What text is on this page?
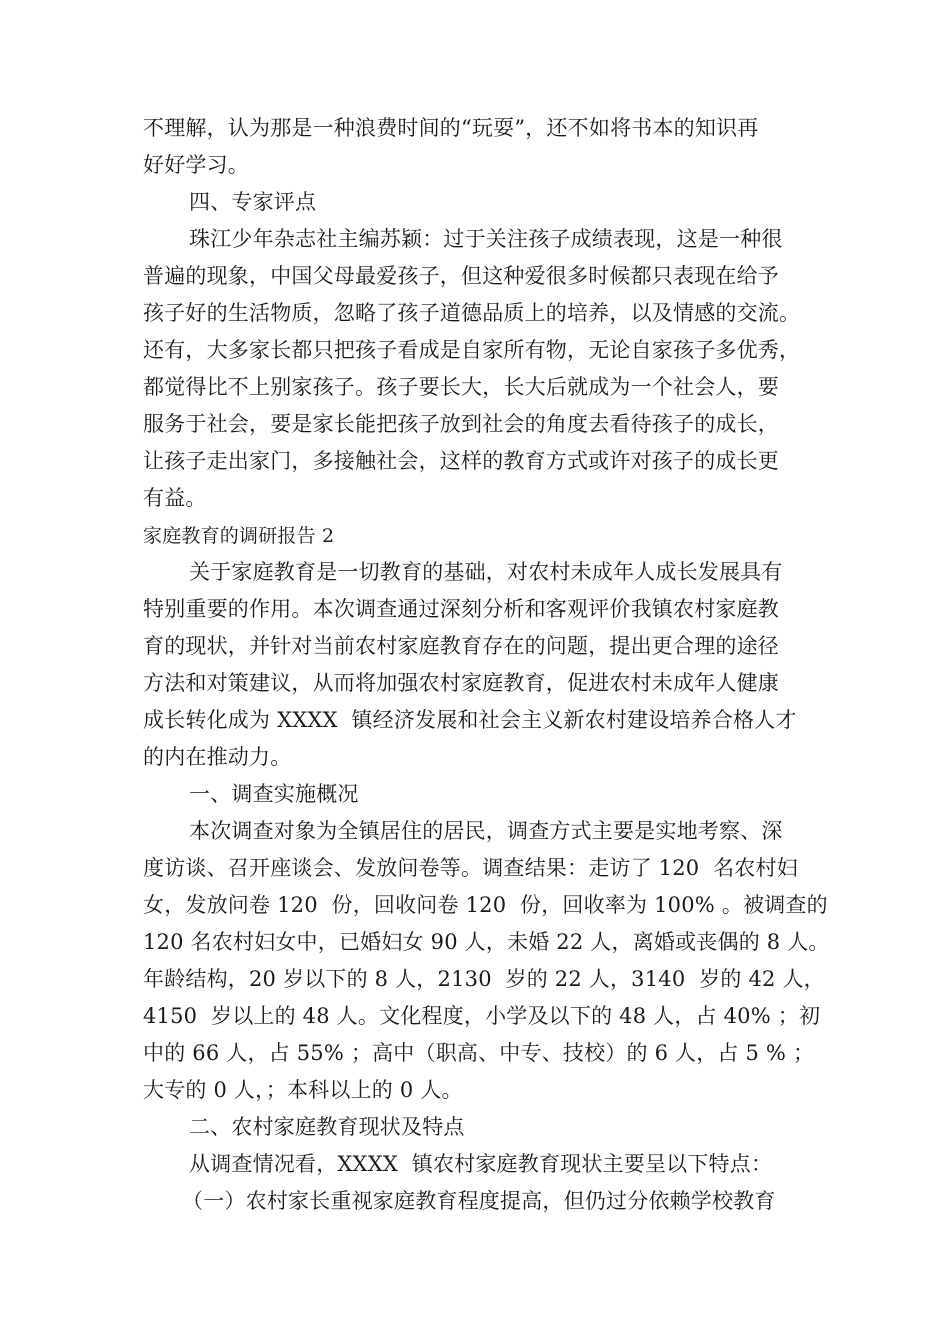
不理解，认为那是一种浪费时间的“玩耍”，还不如将书本的知识再
好好学习。
四、专家评点
珠江少年杂志社主编苏颖：过于关注孩子成绩表现，这是一种很
普遍的现象，中国父母最爱孩子，但这种爱很多时候都只表现在给予
孩子好的生活物质，忽略了孩子道德品质上的培养，以及情感的交流。
还有，大多家长都只把孩子看成是自家所有物，无论自家孩子多优秀，
都觉得比不上别家孩子。孩子要长大，长大后就成为一个社会人，要
服务于社会，要是家长能把孩子放到社会的角度去看待孩子的成长，
让孩子走出家门，多接触社会，这样的教育方式或许对孩子的成长更
有益。
家庭教育的调研报告 2
关于家庭教育是一切教育的基础，对农村未成年人成长发展具有
特别重要的作用。本次调查通过深刻分析和客观评价我镇农村家庭教
育的现状，并针对当前农村家庭教育存在的问题，提出更合理的途径
方法和对策建议，从而将加强农村家庭教育，促进农村未成年人健康
成长转化成为 XXXX  镇经济发展和社会主义新农村建设培养合格人才
的内在推动力。
一、调查实施概况
本次调查对象为全镇居住的居民，调查方式主要是实地考察、深
度访谈、召开座谈会、发放问卷等。调查结果：走访了 120  名农村妇
女，发放问卷 120  份，回收问卷 120  份，回收率为 100% 。被调查的
120 名农村妇女中，已婚妇女 90 人，未婚 22 人，离婚或丧偶的 8 人。
年龄结构，20 岁以下的 8 人，2130  岁的 22 人，3140  岁的 42 人，
4150  岁以上的 48 人。文化程度，小学及以下的 48 人，占 40% ；初
中的 66 人，占 55% ；高中（职高、中专、技校）的 6 人，占 5 % ；
大专的 0 人，；本科以上的 0 人。
二、农村家庭教育现状及特点
从调查情况看，XXXX  镇农村家庭教育现状主要呈以下特点：
（一）农村家长重视家庭教育程度提高，但仍过分依赖学校教育
